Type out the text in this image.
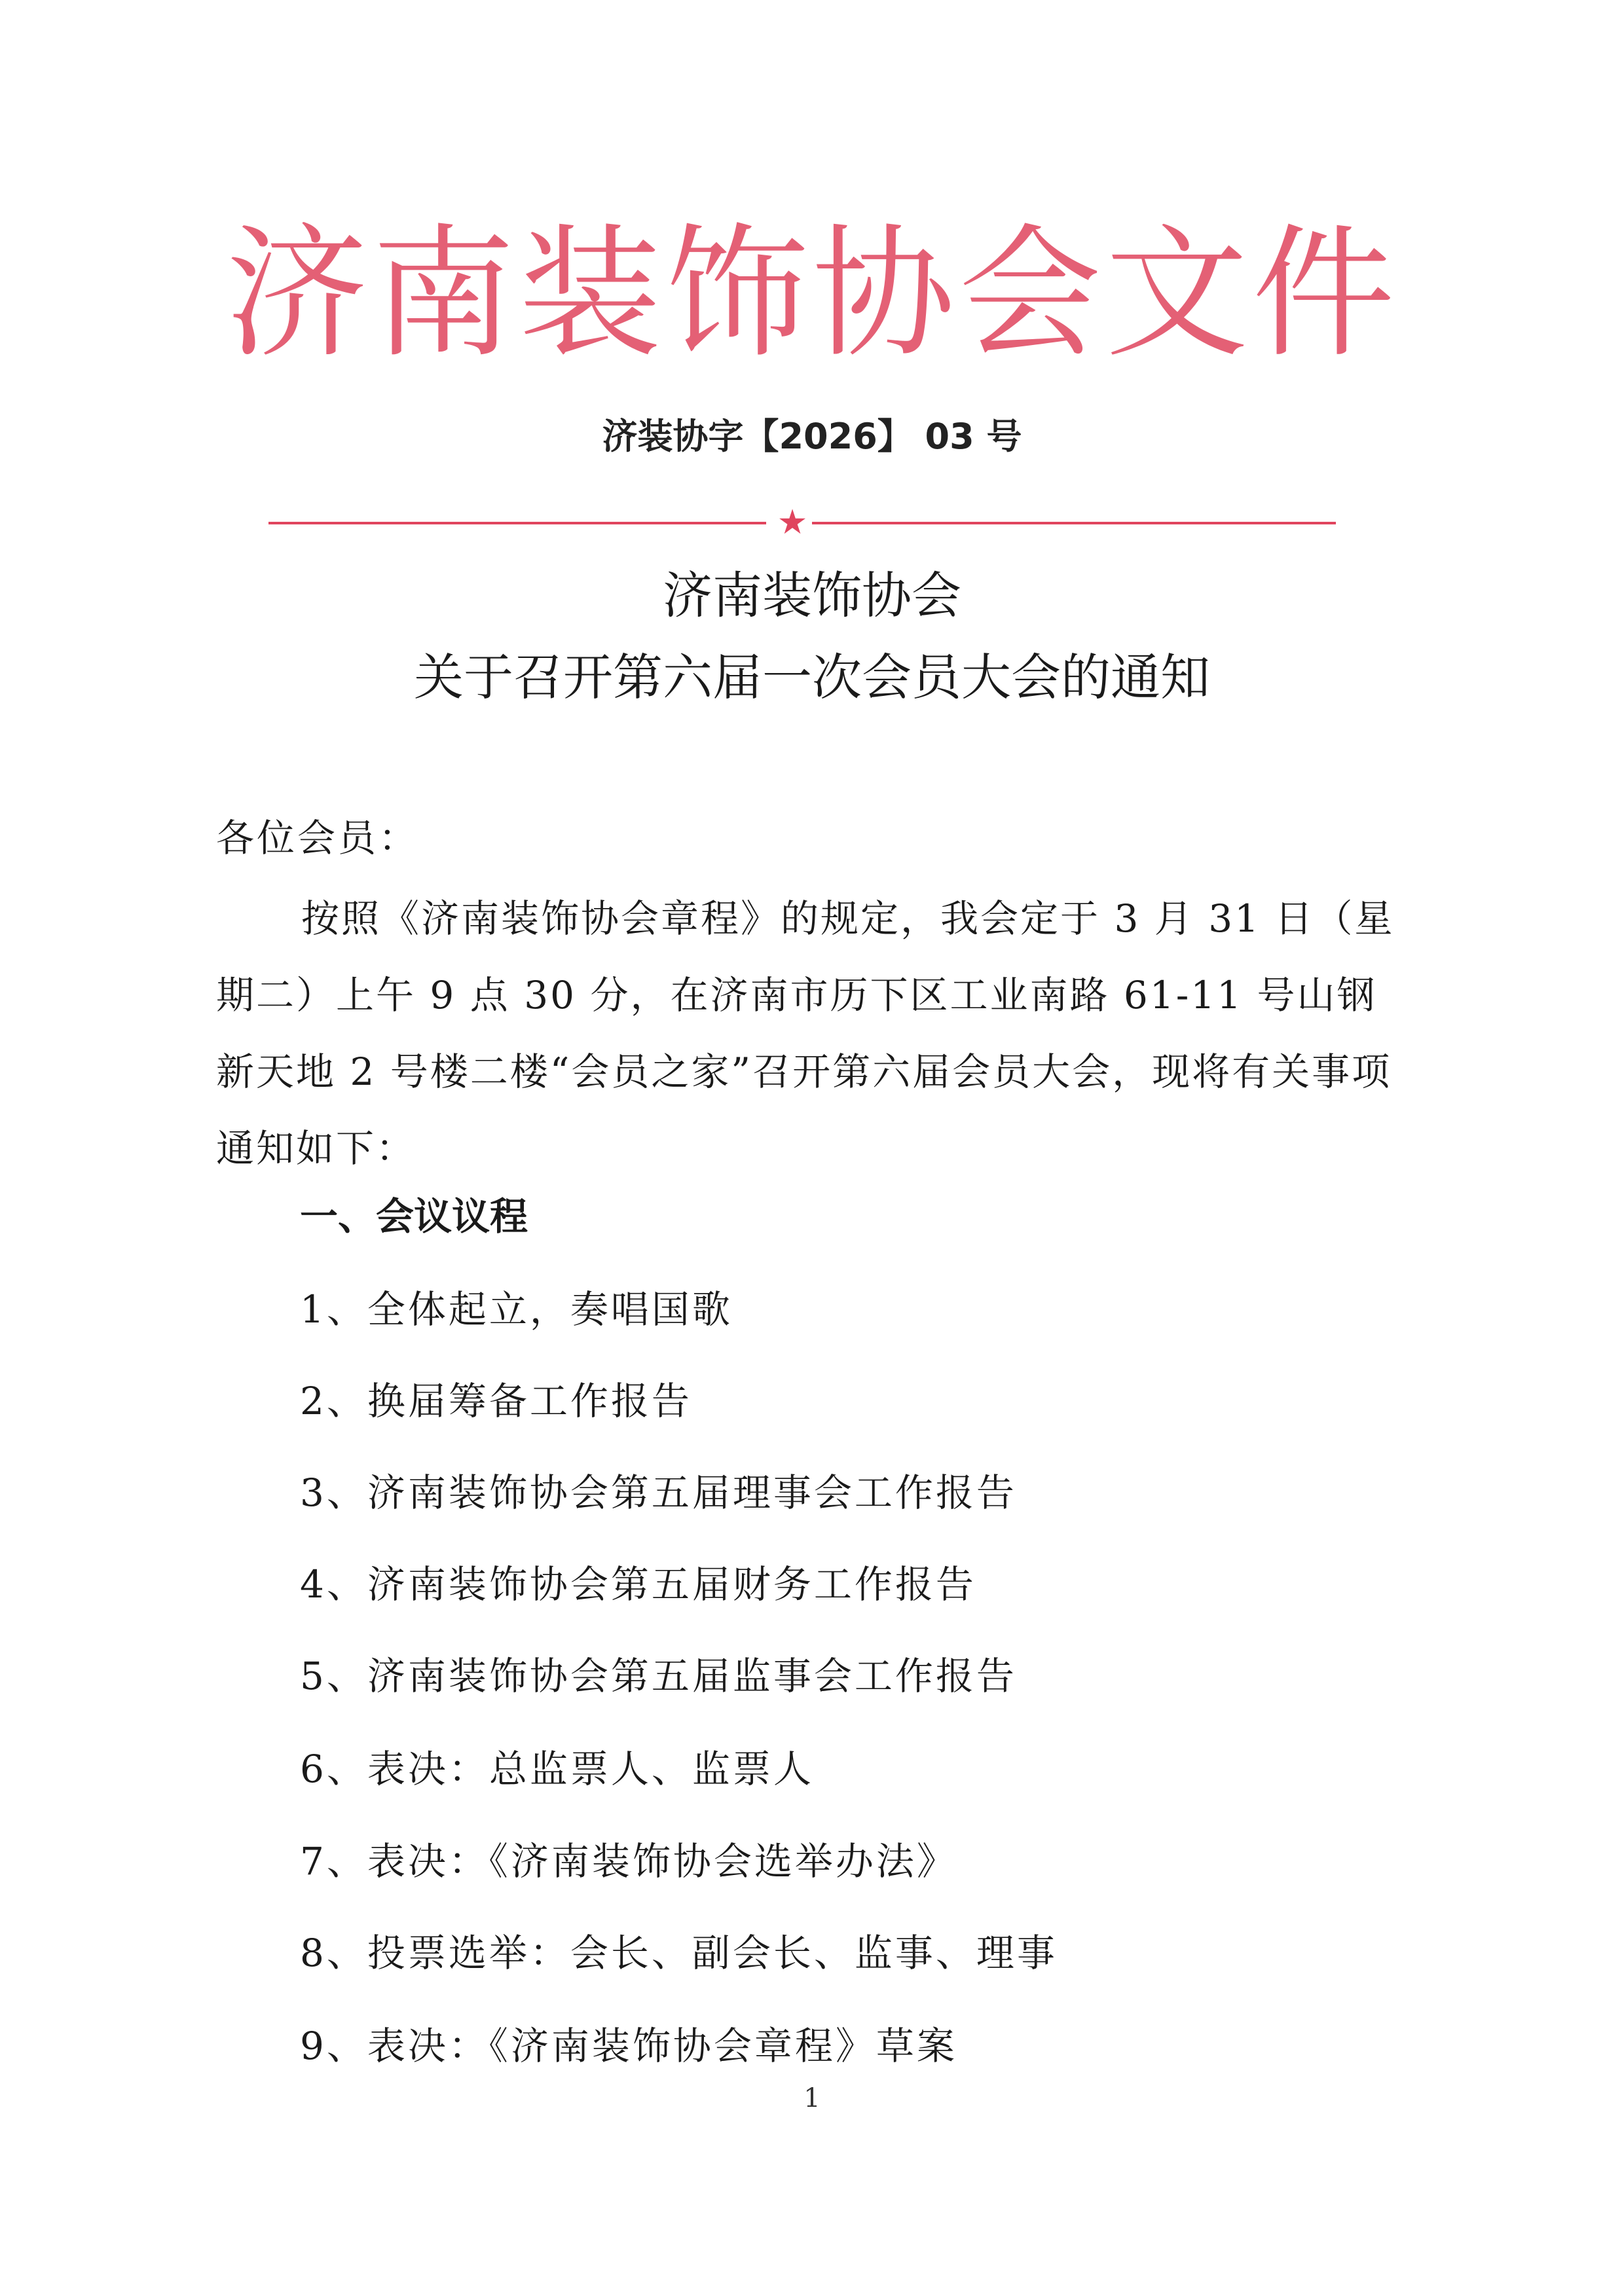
济南装饰协会文件
济装协字【2026】 03 号
★
济南装饰协会
关于召开第六届一次会员大会的通知
各位会员：

按照《济南装饰协会章程》的规定，我会定于 3 月 31 日（星期二）上午 9 点 30 分，在济南市历下区工业南路 61-11 号山钢新天地 2 号楼二楼“会员之家”召开第六届会员大会，现将有关事项通知如下：

一、会议议程
1、全体起立，奏唱国歌
2、换届筹备工作报告
3、济南装饰协会第五届理事会工作报告
4、济南装饰协会第五届财务工作报告
5、济南装饰协会第五届监事会工作报告
6、表决：总监票人、监票人
7、表决：《济南装饰协会选举办法》
8、投票选举：会长、副会长、监事、理事
9、表决：《济南装饰协会章程》草案
1
